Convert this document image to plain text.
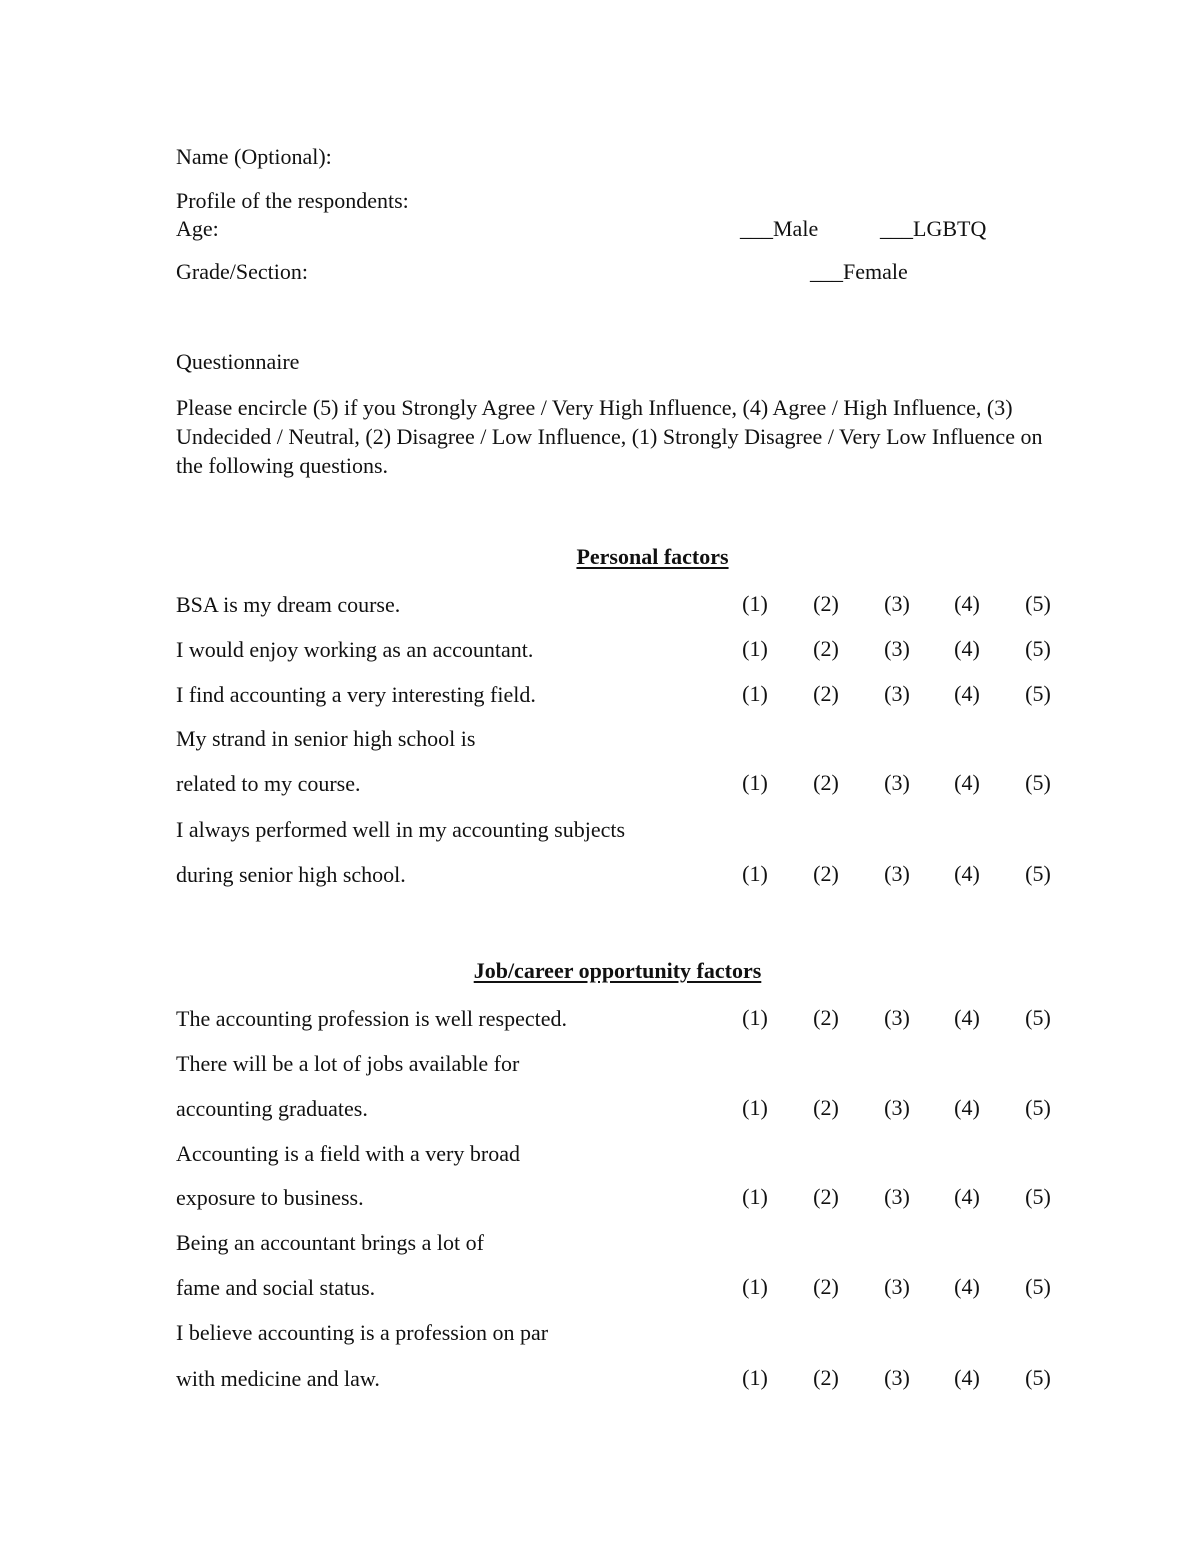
Name (Optional):
Profile of the respondents:
Age:	___Male	___LGBTQ
Grade/Section:	___Female
Questionnaire
Please encircle (5) if you Strongly Agree / Very High Influence, (4) Agree / High Influence, (3) Undecided / Neutral, (2) Disagree / Low Influence, (1) Strongly Disagree / Very Low Influence on the following questions.
Personal factors
BSA is my dream course.	(1)	(2)	(3)	(4)	(5)
I would enjoy working as an accountant.	(1)	(2)	(3)	(4)	(5)
I find accounting a very interesting field.	(1)	(2)	(3)	(4)	(5)
My strand in senior high school is
related to my course.	(1)	(2)	(3)	(4)	(5)
I always performed well in my accounting subjects
during senior high school.	(1)	(2)	(3)	(4)	(5)
Job/career opportunity factors
The accounting profession is well respected.	(1)	(2)	(3)	(4)	(5)
There will be a lot of jobs available for
accounting graduates.	(1)	(2)	(3)	(4)	(5)
Accounting is a field with a very broad
exposure to business.	(1)	(2)	(3)	(4)	(5)
Being an accountant brings a lot of
fame and social status.	(1)	(2)	(3)	(4)	(5)
I believe accounting is a profession on par
with medicine and law.	(1)	(2)	(3)	(4)	(5)
